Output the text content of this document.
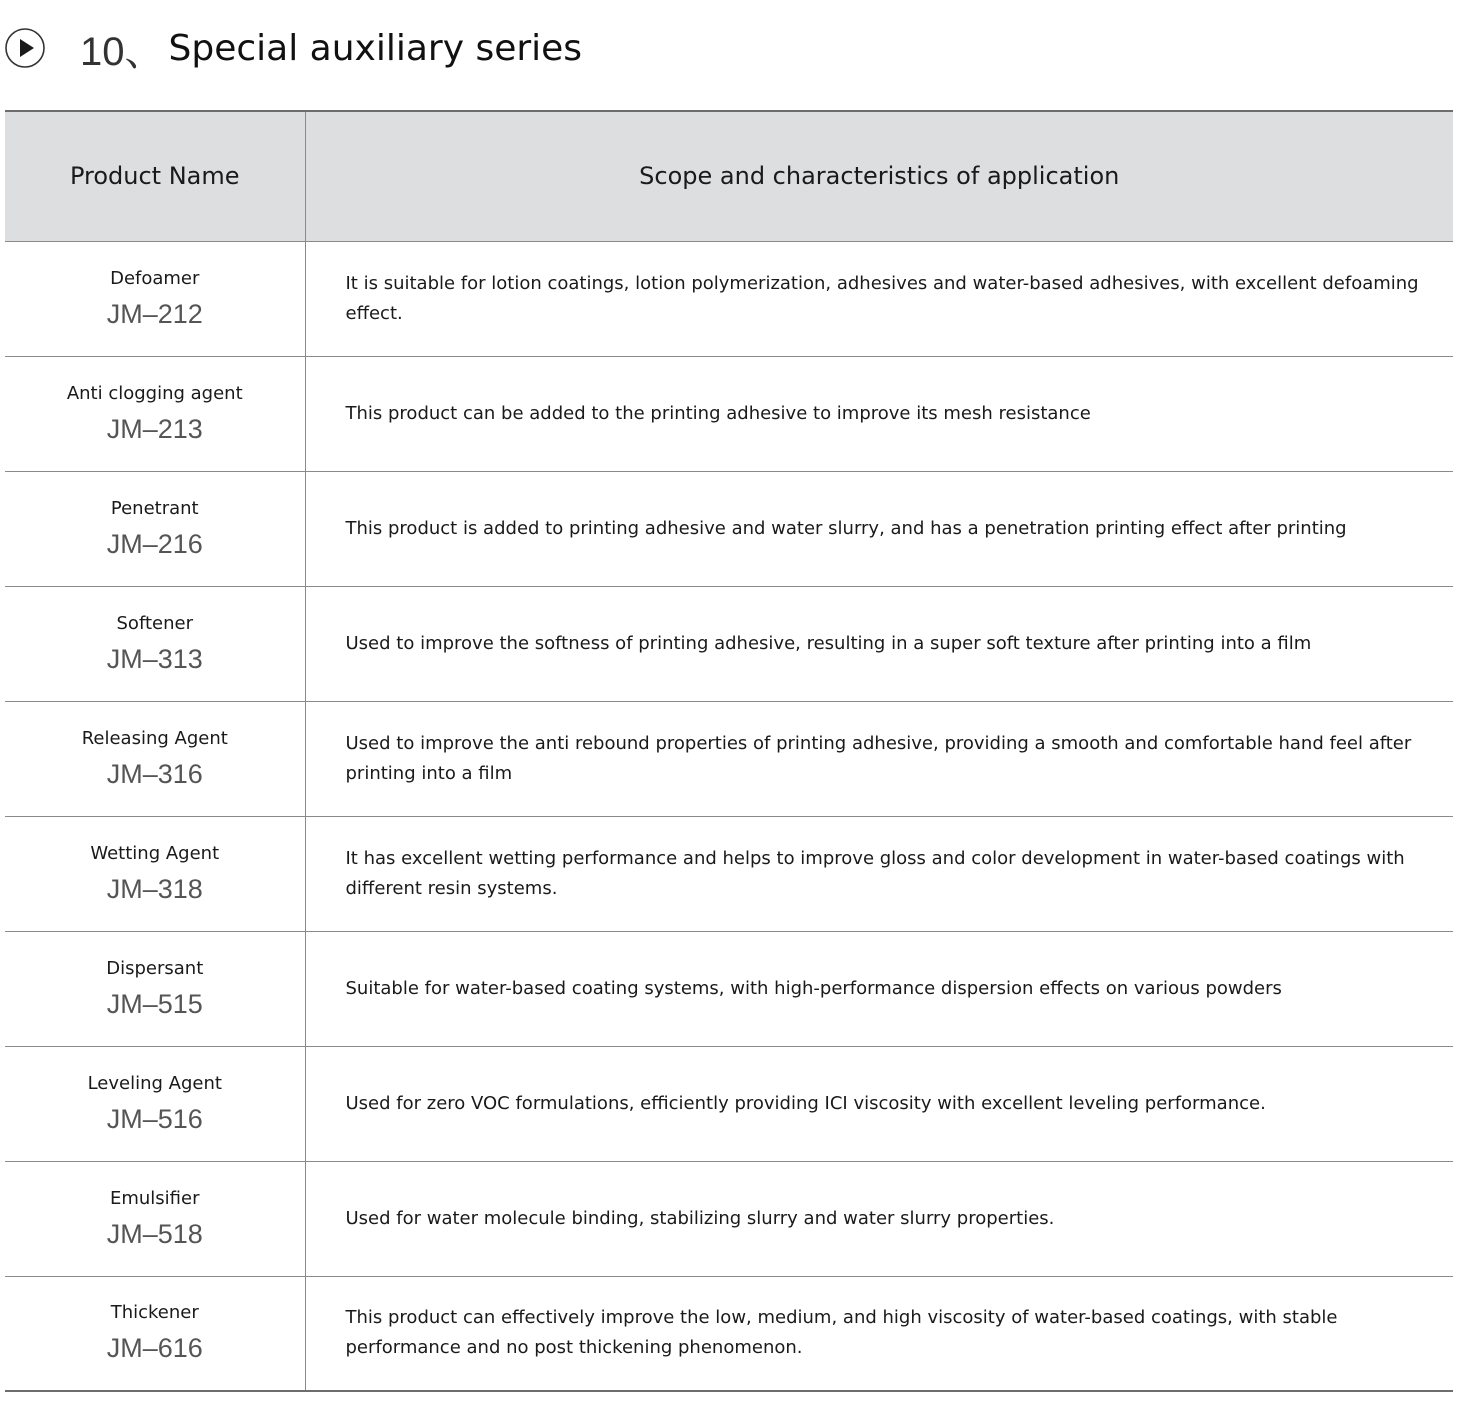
10、 Special auxiliary series
Product Name	Scope and characteristics of application

Defoamer
JM–212	It is suitable for lotion coatings, lotion polymerization, adhesives and water-based adhesives, with excellent defoaming effect.

Anti clogging agent
JM–213	This product can be added to the printing adhesive to improve its mesh resistance

Penetrant
JM–216	This product is added to printing adhesive and water slurry, and has a penetration printing effect after printing

Softener
JM–313	Used to improve the softness of printing adhesive, resulting in a super soft texture after printing into a film

Releasing Agent
JM–316	Used to improve the anti rebound properties of printing adhesive, providing a smooth and comfortable hand feel after printing into a film

Wetting Agent
JM–318	It has excellent wetting performance and helps to improve gloss and color development in water-based coatings with different resin systems.

Dispersant
JM–515	Suitable for water-based coating systems, with high-performance dispersion effects on various powders

Leveling Agent
JM–516	Used for zero VOC formulations, efficiently providing ICI viscosity with excellent leveling performance.

Emulsifier
JM–518	Used for water molecule binding, stabilizing slurry and water slurry properties.

Thickener
JM–616	This product can effectively improve the low, medium, and high viscosity of water-based coatings, with stable performance and no post thickening phenomenon.
